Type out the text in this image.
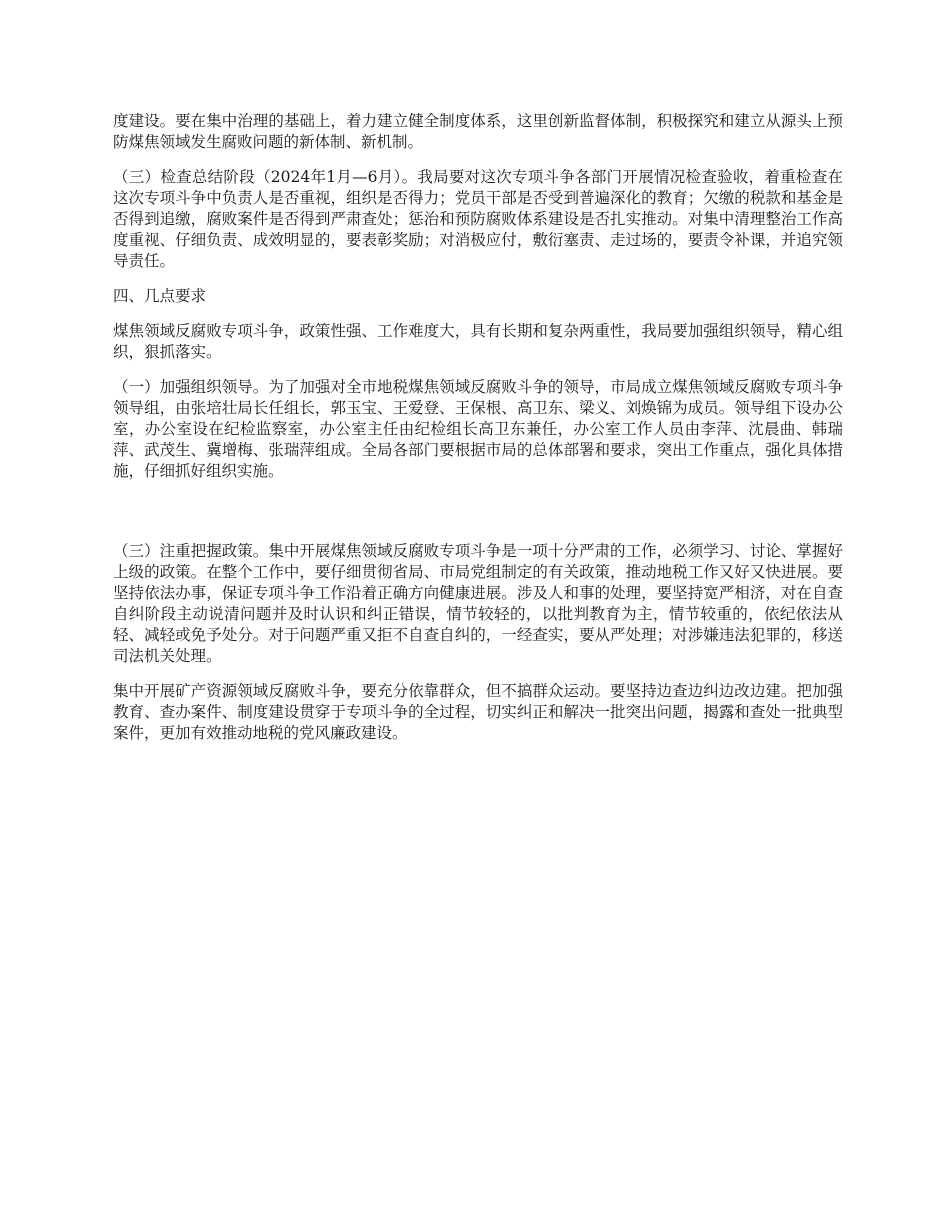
度建设。要在集中治理的基础上，着力建立健全制度体系，这里创新监督体制，积极探究和建立从源头上预防煤焦领域发生腐败问题的新体制、新机制。

（三）检查总结阶段（2024年1月—6月）。我局要对这次专项斗争各部门开展情况检查验收，着重检查在这次专项斗争中负责人是否重视，组织是否得力；党员干部是否受到普遍深化的教育；欠缴的税款和基金是否得到追缴，腐败案件是否得到严肃查处；惩治和预防腐败体系建设是否扎实推动。对集中清理整治工作高度重视、仔细负责、成效明显的，要表彰奖励；对消极应付，敷衍塞责、走过场的，要责令补课，并追究领导责任。

四、几点要求

煤焦领域反腐败专项斗争，政策性强、工作难度大，具有长期和复杂两重性，我局要加强组织领导，精心组织，狠抓落实。

（一）加强组织领导。为了加强对全市地税煤焦领域反腐败斗争的领导，市局成立煤焦领域反腐败专项斗争领导组，由张培壮局长任组长，郭玉宝、王爱登、王保根、高卫东、梁义、刘焕锦为成员。领导组下设办公室，办公室设在纪检监察室，办公室主任由纪检组长高卫东兼任，办公室工作人员由李萍、沈晨曲、韩瑞萍、武茂生、冀增梅、张瑞萍组成。全局各部门要根据市局的总体部署和要求，突出工作重点，强化具体措施，仔细抓好组织实施。

（三）注重把握政策。集中开展煤焦领域反腐败专项斗争是一项十分严肃的工作，必须学习、讨论、掌握好上级的政策。在整个工作中，要仔细贯彻省局、市局党组制定的有关政策，推动地税工作又好又快进展。要坚持依法办事，保证专项斗争工作沿着正确方向健康进展。涉及人和事的处理，要坚持宽严相济，对在自查自纠阶段主动说清问题并及时认识和纠正错误，情节较轻的，以批判教育为主，情节较重的，依纪依法从轻、减轻或免予处分。对于问题严重又拒不自查自纠的，一经查实，要从严处理；对涉嫌违法犯罪的，移送司法机关处理。

集中开展矿产资源领域反腐败斗争，要充分依靠群众，但不搞群众运动。要坚持边查边纠边改边建。把加强教育、查办案件、制度建设贯穿于专项斗争的全过程，切实纠正和解决一批突出问题，揭露和查处一批典型案件，更加有效推动地税的党风廉政建设。
